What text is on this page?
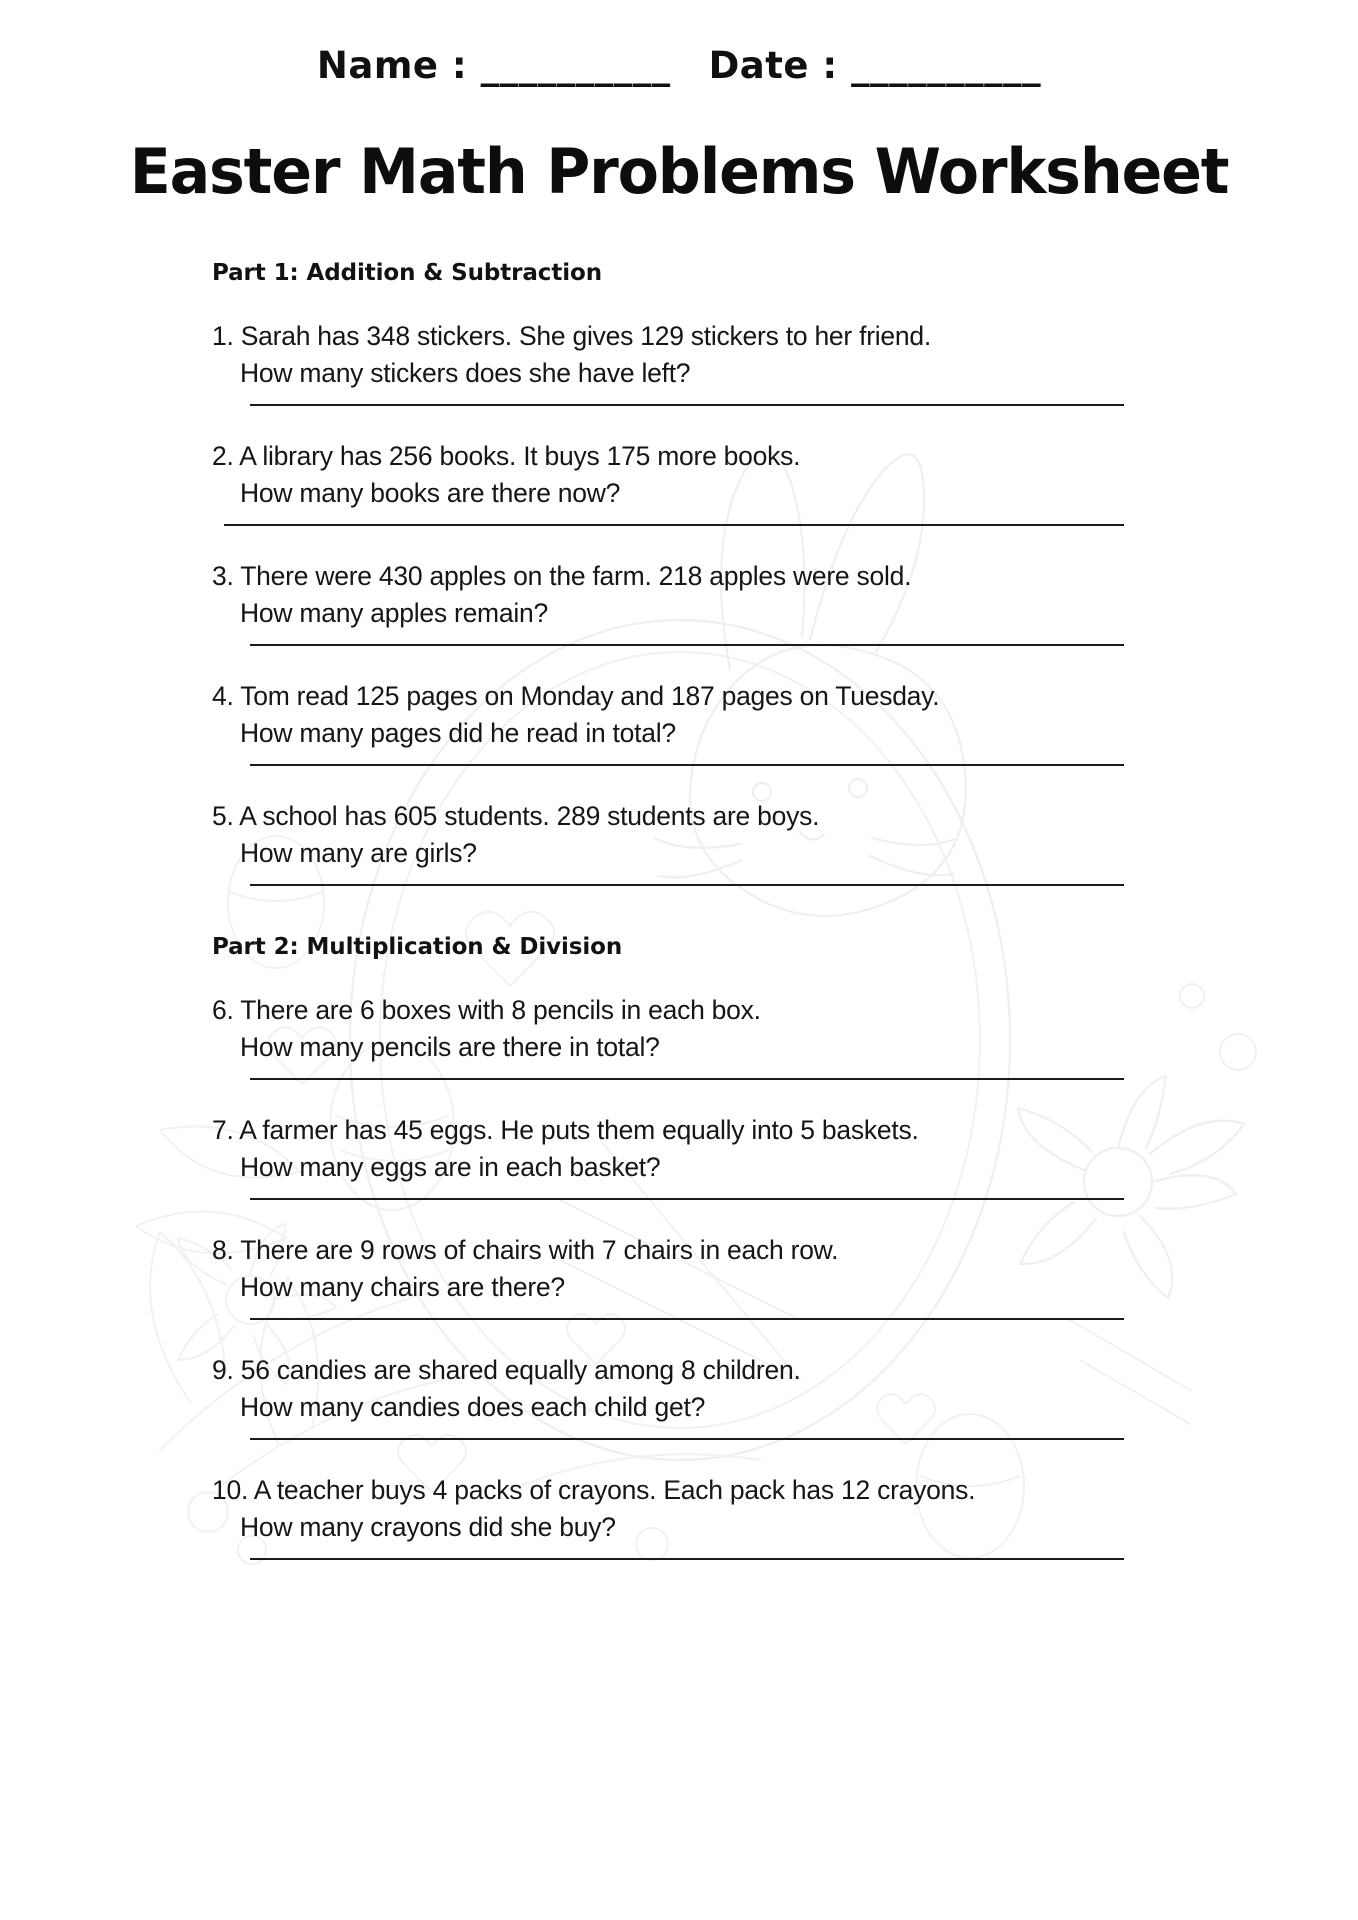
Name : __________ Date : __________
Easter Math Problems Worksheet
Part 1: Addition & Subtraction
1. Sarah has 348 stickers. She gives 129 stickers to her friend.
How many stickers does she have left?
2. A library has 256 books. It buys 175 more books.
How many books are there now?
3. There were 430 apples on the farm. 218 apples were sold.
How many apples remain?
4. Tom read 125 pages on Monday and 187 pages on Tuesday.
How many pages did he read in total?
5. A school has 605 students. 289 students are boys.
How many are girls?
Part 2: Multiplication & Division
6. There are 6 boxes with 8 pencils in each box.
How many pencils are there in total?
7. A farmer has 45 eggs. He puts them equally into 5 baskets.
How many eggs are in each basket?
8. There are 9 rows of chairs with 7 chairs in each row.
How many chairs are there?
9. 56 candies are shared equally among 8 children.
How many candies does each child get?
10. A teacher buys 4 packs of crayons. Each pack has 12 crayons.
How many crayons did she buy?
